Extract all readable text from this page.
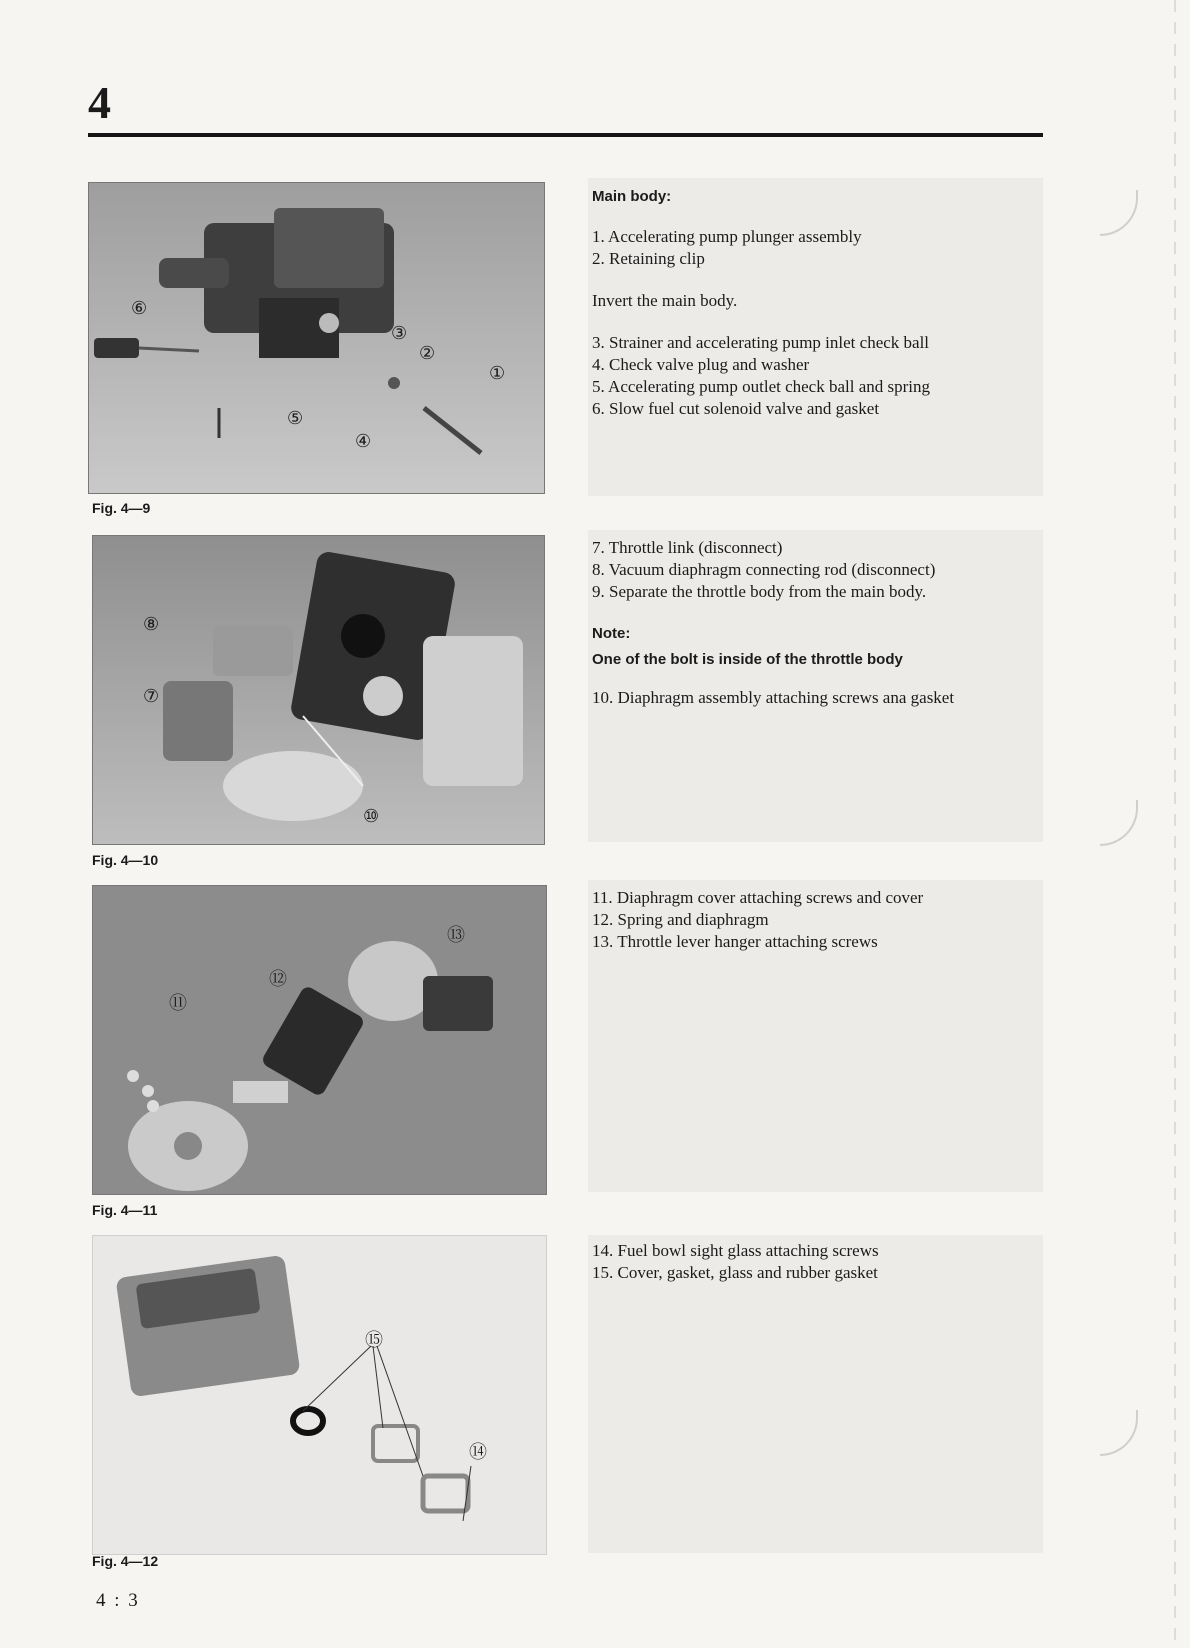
4
⑥
③
②
①
⑤
④
Fig. 4—9
Main body:
1. Accelerating pump plunger assembly
2. Retaining clip
Invert the main body.
3. Strainer and accelerating pump inlet check ball
4. Check valve plug and washer
5. Accelerating pump outlet check ball and spring
6. Slow fuel cut solenoid valve and gasket
⑧
⑦
⑩
Fig. 4—10
7. Throttle link (disconnect)
8. Vacuum diaphragm connecting rod (disconnect)
9. Separate the throttle body from the main body.
Note:
One of the bolt is inside of the throttle body
10. Diaphragm assembly attaching screws ana gasket
⑪
⑫
⑬
Fig. 4—11
11. Diaphragm cover attaching screws and cover
12. Spring and diaphragm
13. Throttle lever hanger attaching screws
⑮
⑭
Fig. 4—12
14. Fuel bowl sight glass attaching screws
15. Cover, gasket, glass and rubber gasket
4 : 3
